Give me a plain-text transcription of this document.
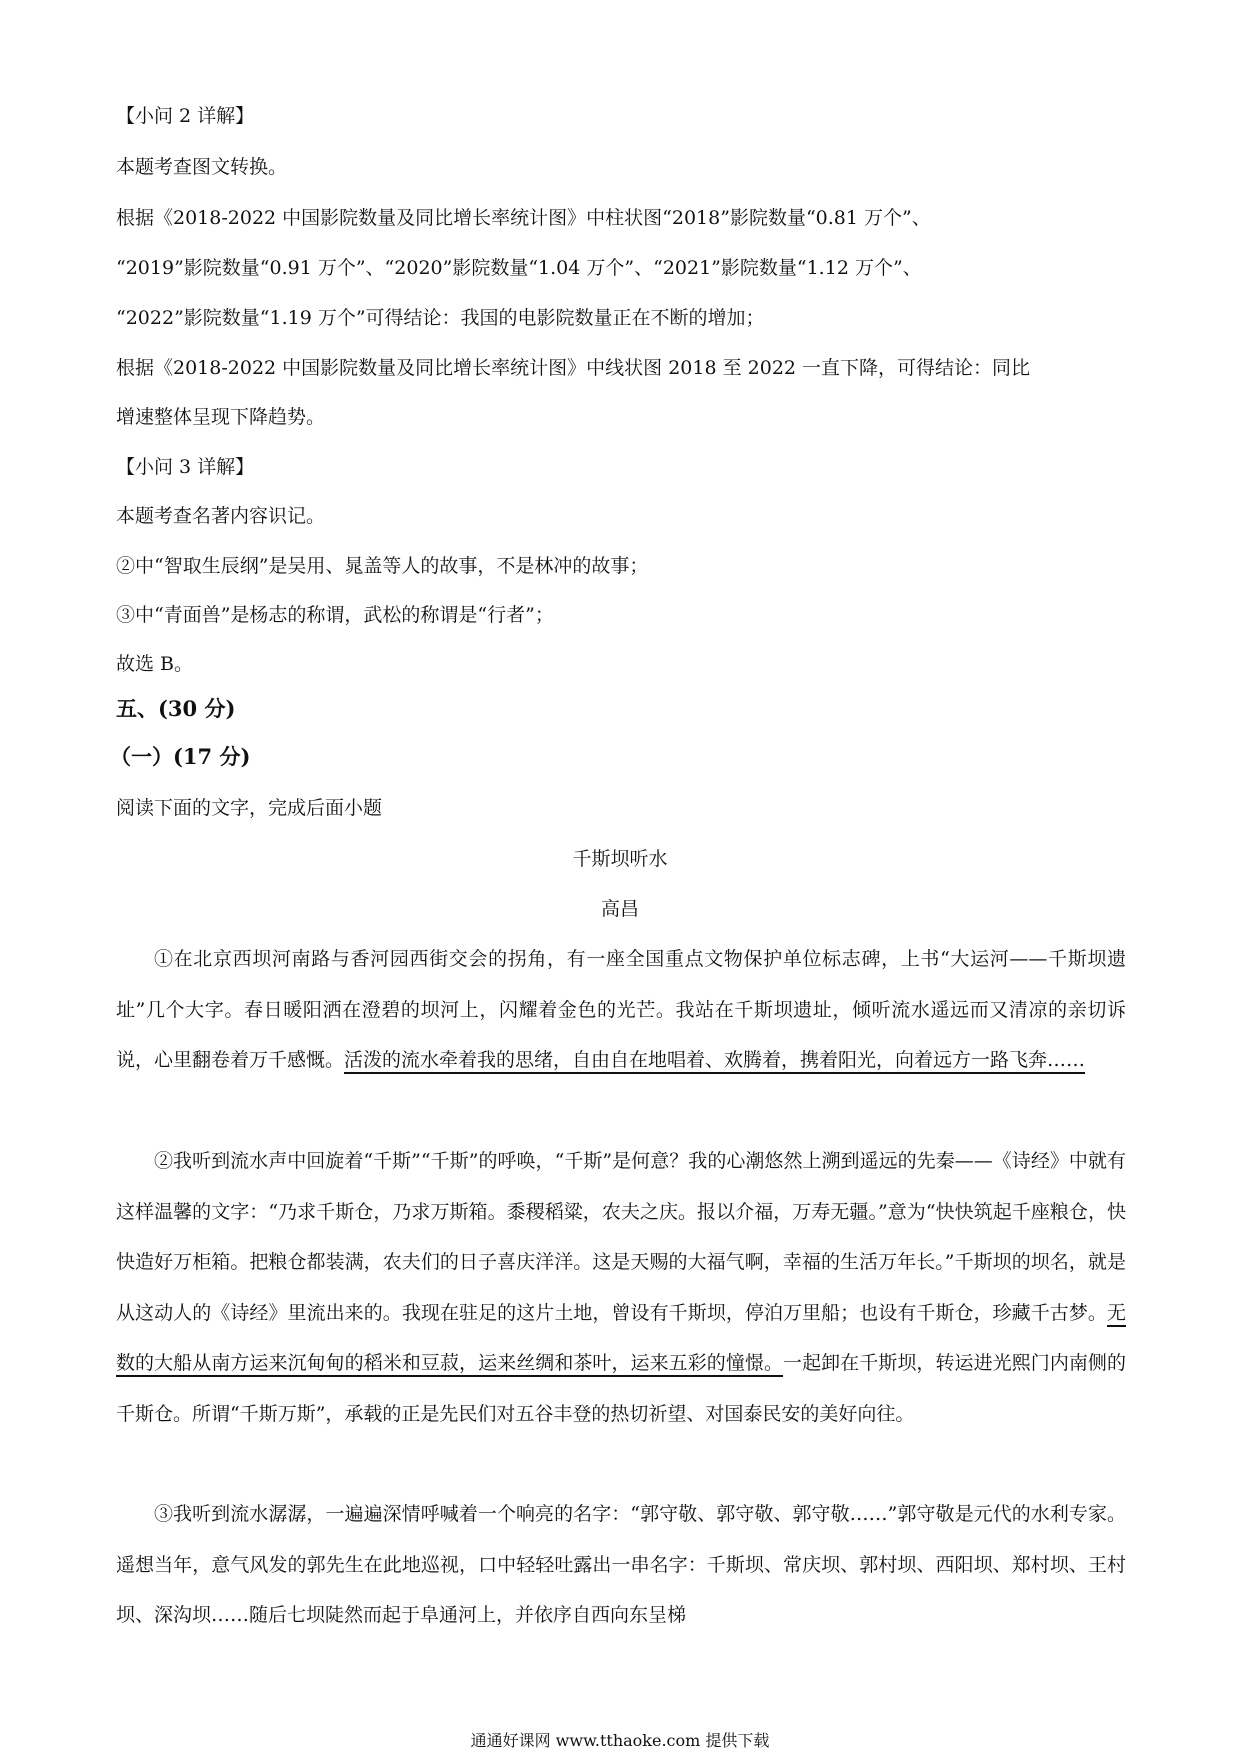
【小问 2 详解】
本题考查图文转换。
根据《2018-2022 中国影院数量及同比增长率统计图》中柱状图“2018”影院数量“0.81 万个”、
“2019”影院数量“0.91 万个”、“2020”影院数量“1.04 万个”、“2021”影院数量“1.12 万个”、
“2022”影院数量“1.19 万个”可得结论：我国的电影院数量正在不断的增加；
根据《2018-2022 中国影院数量及同比增长率统计图》中线状图 2018 至 2022 一直下降，可得结论：同比
增速整体呈现下降趋势。
【小问 3 详解】
本题考查名著内容识记。
②中“智取生辰纲”是吴用、晁盖等人的故事，不是林冲的故事；
③中“青面兽”是杨志的称谓，武松的称谓是“行者”；
故选 B。
五、(30 分)
（一）(17 分)
阅读下面的文字，完成后面小题
千斯坝听水
高昌
①在北京西坝河南路与香河园西街交会的拐角，有一座全国重点文物保护单位标志碑，上书“大运河——千斯坝遗址”几个大字。春日暖阳洒在澄碧的坝河上，闪耀着金色的光芒。我站在千斯坝遗址，倾听流水遥远而又清凉的亲切诉说，心里翻卷着万千感慨。活泼的流水牵着我的思绪，自由自在地唱着、欢腾着，携着阳光，向着远方一路飞奔……
②我听到流水声中回旋着“千斯”“千斯”的呼唤，“千斯”是何意？我的心潮悠然上溯到遥远的先秦——《诗经》中就有这样温馨的文字：“乃求千斯仓，乃求万斯箱。黍稷稻粱，农夫之庆。报以介福，万寿无疆。”意为“快快筑起千座粮仓，快快造好万柜箱。把粮仓都装满，农夫们的日子喜庆洋洋。这是天赐的大福气啊，幸福的生活万年长。”千斯坝的坝名，就是从这动人的《诗经》里流出来的。我现在驻足的这片土地，曾设有千斯坝，停泊万里船；也设有千斯仓，珍藏千古梦。无数的大船从南方运来沉甸甸的稻米和豆菽，运来丝绸和茶叶，运来五彩的憧憬。一起卸在千斯坝，转运进光熙门内南侧的千斯仓。所谓“千斯万斯”，承载的正是先民们对五谷丰登的热切祈望、对国泰民安的美好向往。
③我听到流水潺潺，一遍遍深情呼喊着一个响亮的名字：“郭守敬、郭守敬、郭守敬……”郭守敬是元代的水利专家。遥想当年，意气风发的郭先生在此地巡视，口中轻轻吐露出一串名字：千斯坝、常庆坝、郭村坝、西阳坝、郑村坝、王村坝、深沟坝……随后七坝陡然而起于阜通河上，并依序自西向东呈梯
通通好课网 www.tthaoke.com 提供下载
